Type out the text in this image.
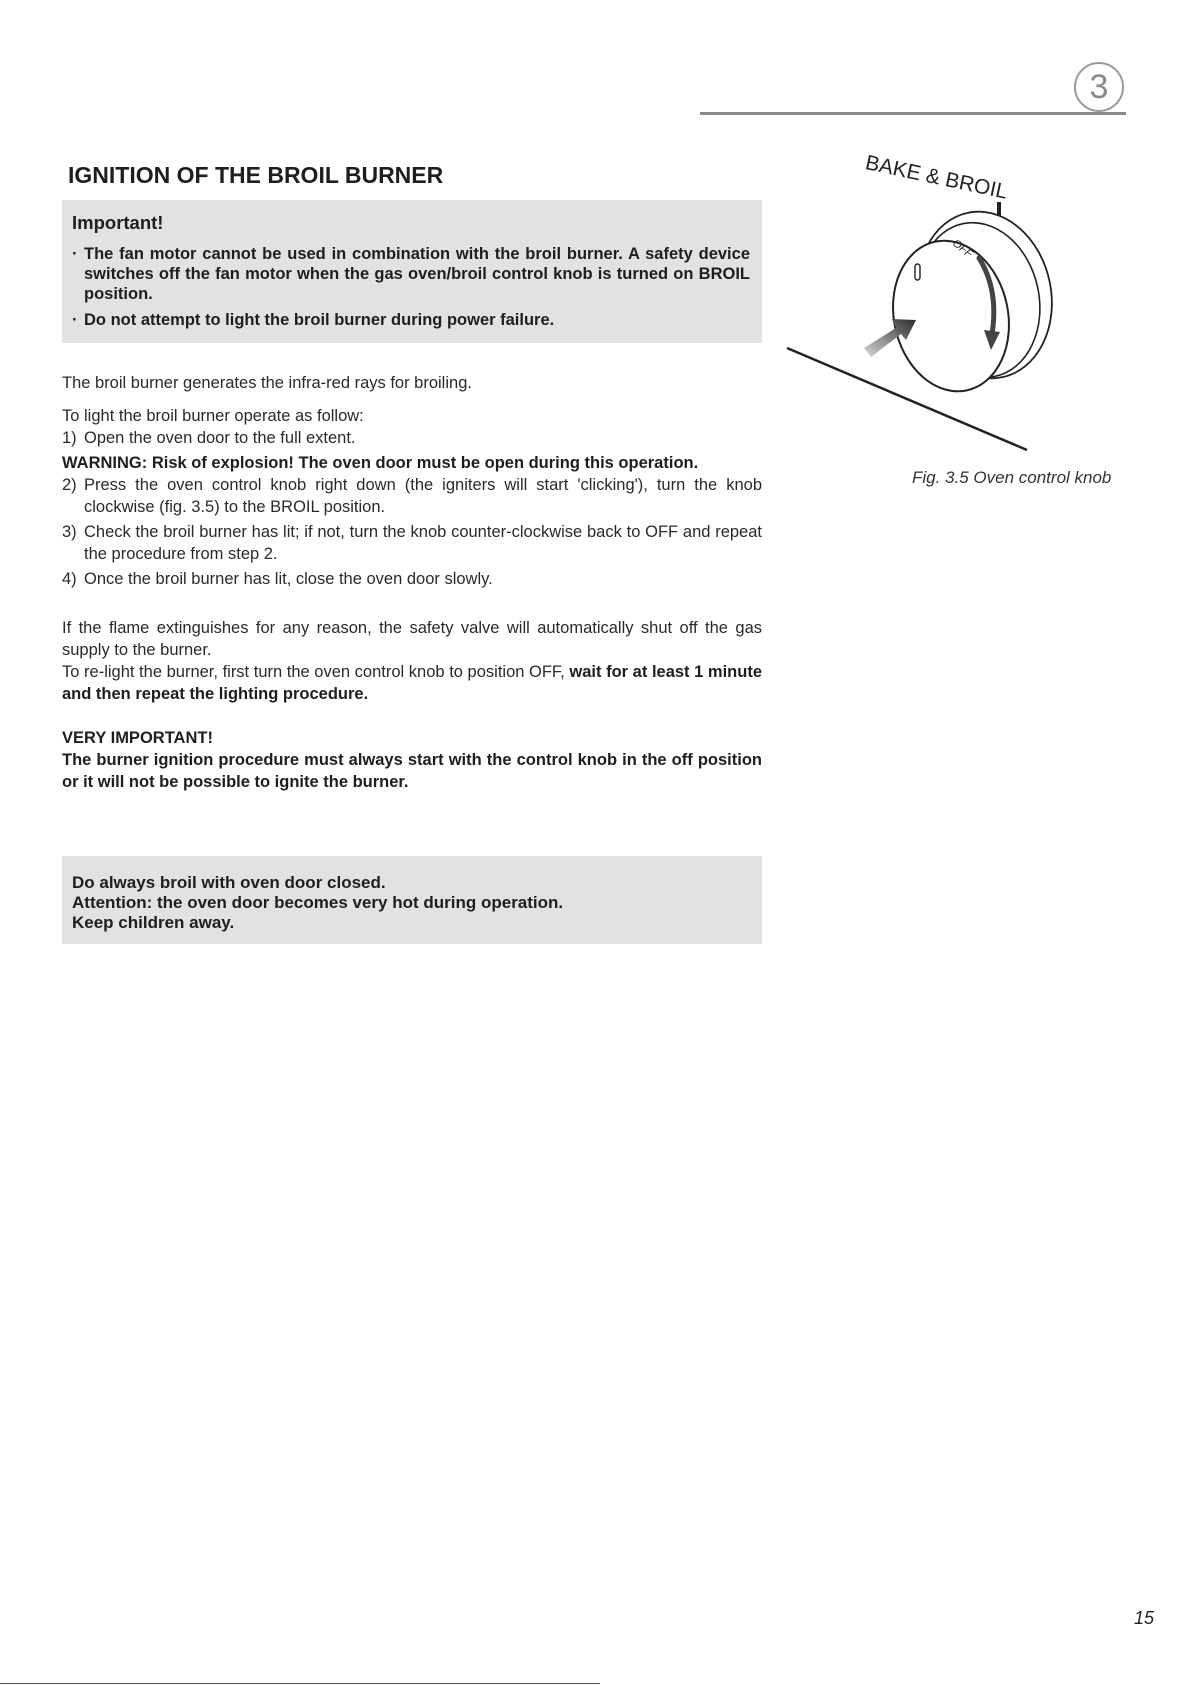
3
IGNITION OF THE BROIL BURNER
Important!
· The fan motor cannot be used in combination with the broil burner. A safety device switches off the fan motor when the gas oven/broil control knob is turned on BROIL position.
· Do not attempt to light the broil burner during power failure.

The broil burner generates the infra-red rays for broiling.

To light the broil burner operate as follow:

1) Open the oven door to the full extent.

WARNING: Risk of explosion! The oven door must be open during this operation.

2) Press the oven control knob right down (the igniters will start 'clicking'), turn the knob clockwise (fig. 3.5) to the BROIL position.
3) Check the broil burner has lit; if not, turn the knob counter-clockwise back to OFF and repeat the procedure from step 2.
4) Once the broil burner has lit, close the oven door slowly.

If the flame extinguishes for any reason, the safety valve will automatically shut off the gas supply to the burner.

To re-light the burner, first turn the oven control knob to position OFF, wait for at least 1 minute and then repeat the lighting procedure.

VERY IMPORTANT!

The burner ignition procedure must always start with the control knob in the off position or it will not be possible to ignite the burner.

Do always broil with oven door closed.
Attention: the oven door becomes very hot during operation.
Keep children away.
BAKE & BROIL
OFF
Fig. 3.5 Oven control knob
15
